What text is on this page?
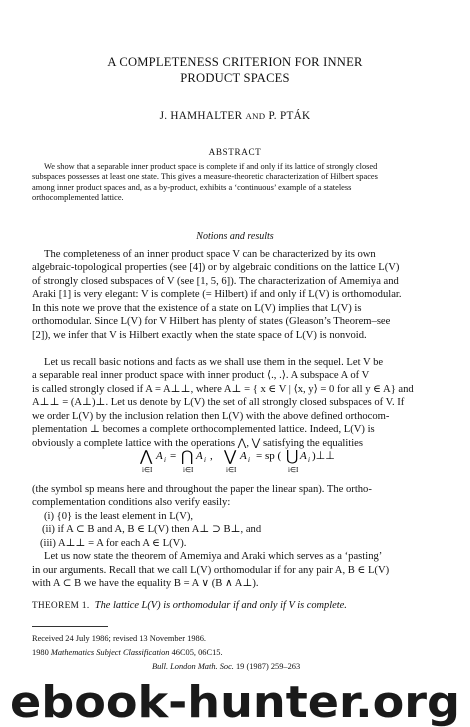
A COMPLETENESS CRITERION FOR INNER
PRODUCT SPACES
J. HAMHALTER AND P. PTÁK
ABSTRACT
We show that a separable inner product space is complete if and only if its lattice of strongly closed
subspaces possesses at least one state. This gives a measure-theoretic characterization of Hilbert spaces
among inner product spaces and, as a by-product, exhibits a ‘continuous’ example of a stateless
orthocomplemented lattice.
Notions and results
The completeness of an inner product space V can be characterized by its own
algebraic-topological properties (see [4]) or by algebraic conditions on the lattice L(V)
of strongly closed subspaces of V (see [1, 5, 6]). The characterization of Amemiya and
Araki [1] is very elegant: V is complete (= Hilbert) if and only if L(V) is orthomodular.
In this note we prove that the existence of a state on L(V) implies that L(V) is
orthomodular. Since L(V) for V Hilbert has plenty of states (Gleason’s Theorem–see
[2]), we infer that V is Hilbert exactly when the state space of L(V) is nonvoid.
Let us recall basic notions and facts as we shall use them in the sequel. Let V be
a separable real inner product space with inner product ⟨., .⟩. A subspace A of V
is called strongly closed if A = A⊥⊥, where A⊥ = { x ∈ V | ⟨x, y⟩ = 0 for all y ∈ A} and
A⊥⊥ = (A⊥)⊥. Let us denote by L(V) the set of all strongly closed subspaces of V. If
we order L(V) by the inclusion relation then L(V) with the above defined orthocom-
plementation ⊥ becomes a complete orthocomplemented lattice. Indeed, L(V) is
obviously a complete lattice with the operations ⋀, ⋁ satisfying the equalities
⋀
i∈I
A i = ⋂
i∈I
A i , ⋁
i∈I
A i = sp ( ⋃
i∈I
A i )⊥⊥
(the symbol sp means here and throughout the paper the linear span). The ortho-
complementation conditions also verify easily:
(i) {0} is the least element in L(V),
(ii) if A ⊂ B and A, B ∈ L(V) then A⊥ ⊃ B⊥, and
(iii) A⊥⊥ = A for each A ∈ L(V).
Let us now state the theorem of Amemiya and Araki which serves as a ‘pasting’
in our arguments. Recall that we call L(V) orthomodular if for any pair A, B ∈ L(V)
with A ⊂ B we have the equality B = A ∨ (B ∧ A⊥).
THEOREM 1. The lattice L(V) is orthomodular if and only if V is complete.
Received 24 July 1986; revised 13 November 1986.
1980 Mathematics Subject Classification 46C05, 06C15.
Bull. London Math. Soc. 19 (1987) 259–263
ebook-hunter.org
